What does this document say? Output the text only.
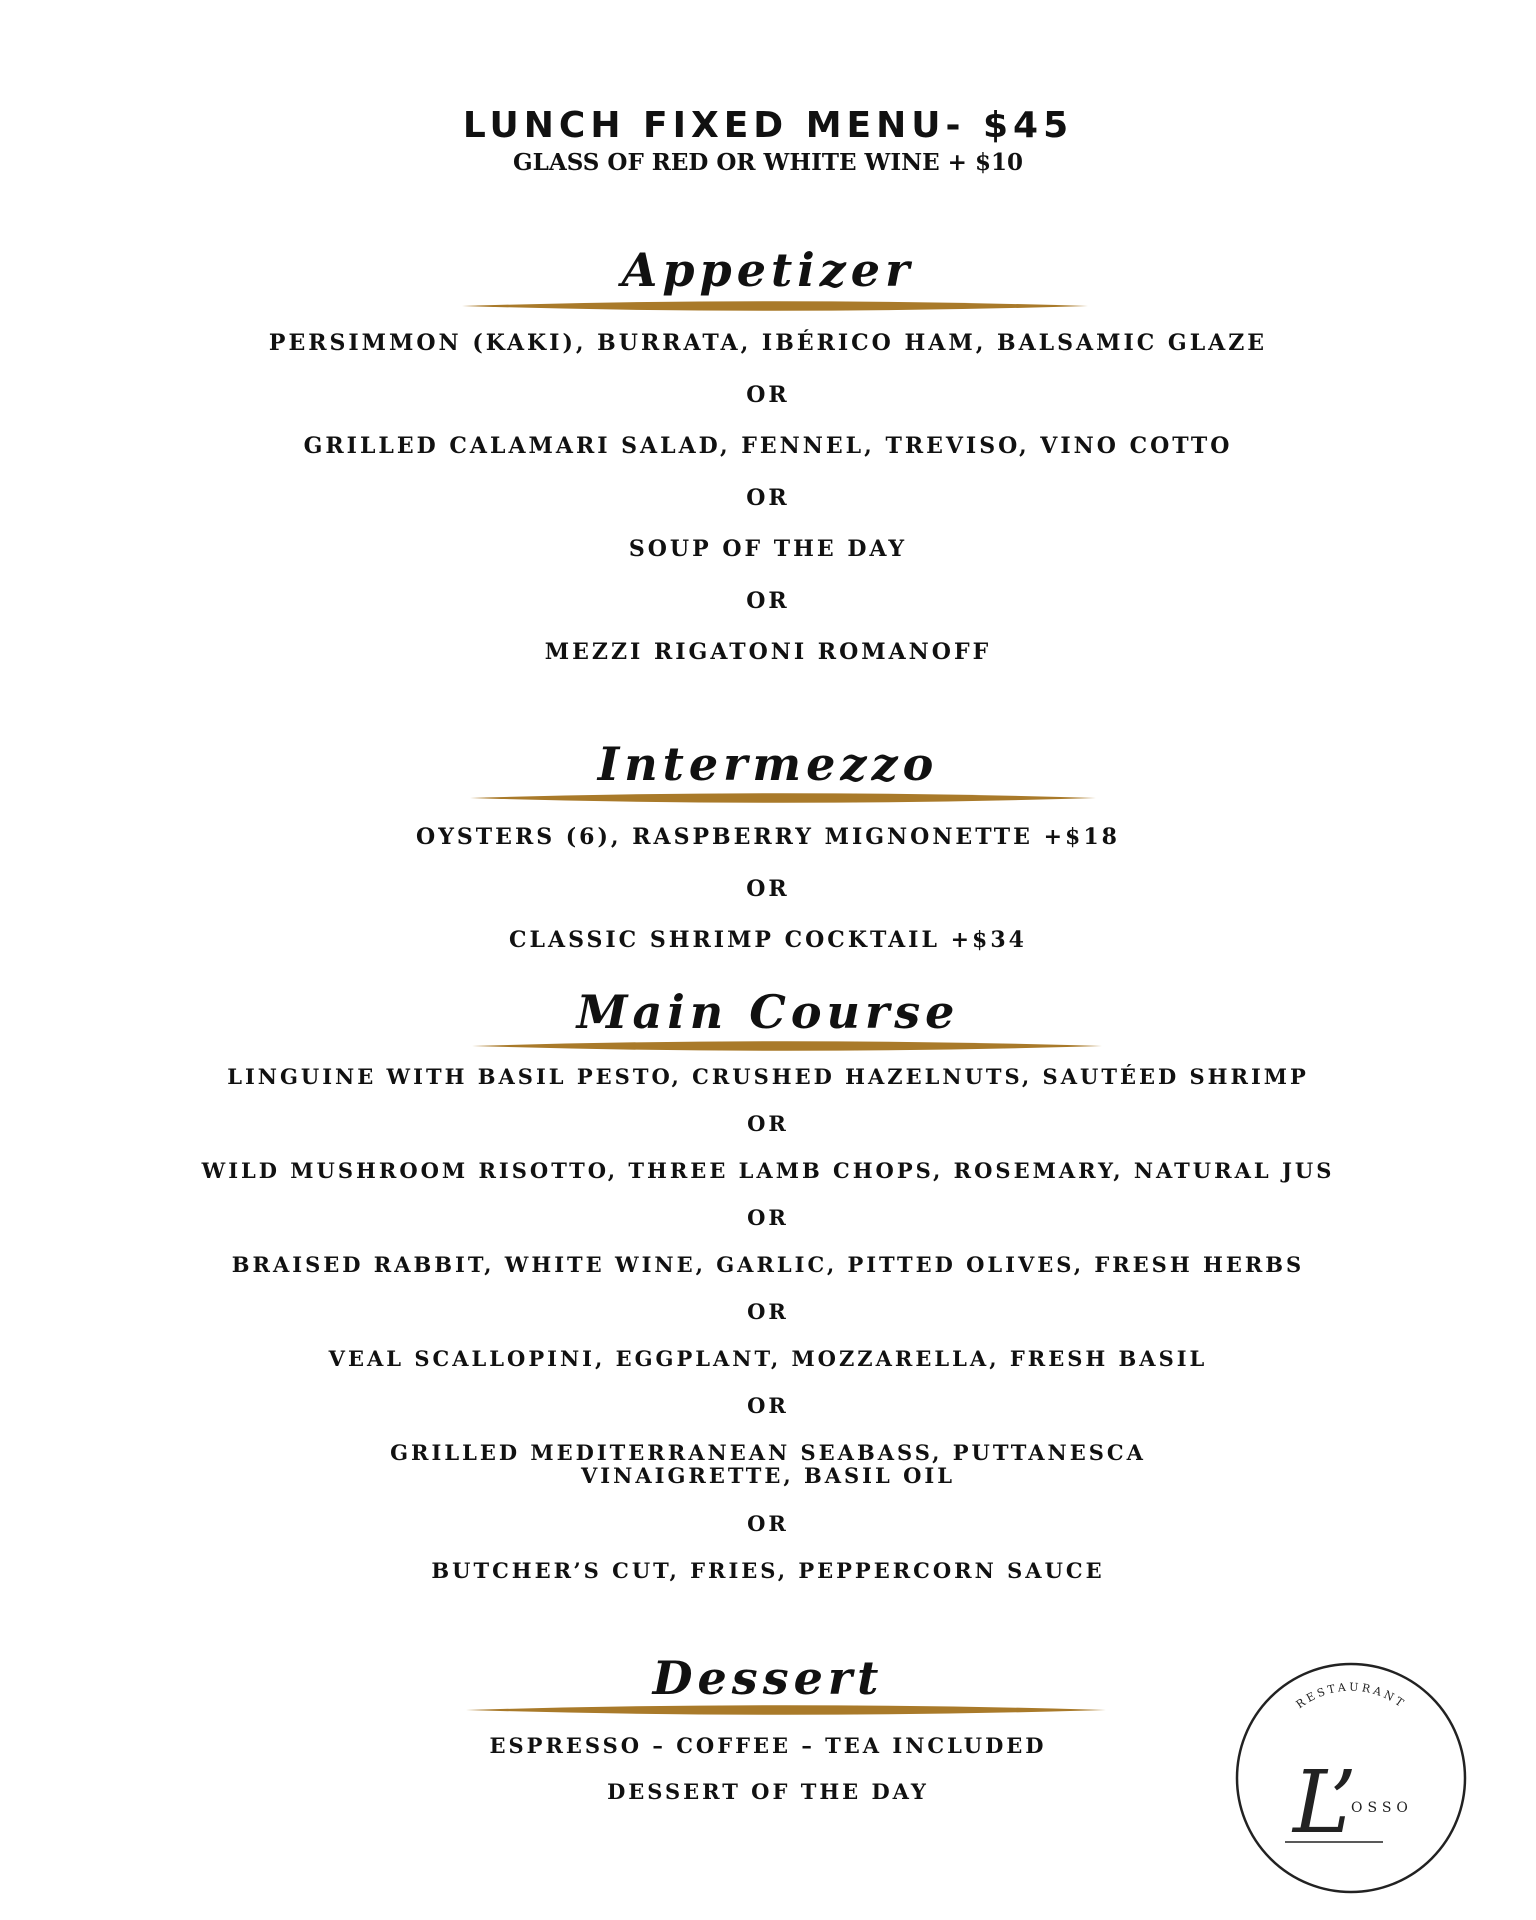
LUNCH FIXED MENU- $45
GLASS OF RED OR WHITE WINE + $10
Appetizer
PERSIMMON (KAKI), BURRATA, IBÉRICO HAM, BALSAMIC GLAZE
OR
GRILLED CALAMARI SALAD, FENNEL, TREVISO, VINO COTTO
OR
SOUP OF THE DAY
OR
MEZZI RIGATONI ROMANOFF
Intermezzo
OYSTERS (6), RASPBERRY MIGNONETTE +$18
OR
CLASSIC SHRIMP COCKTAIL +$34
Main Course
LINGUINE WITH BASIL PESTO, CRUSHED HAZELNUTS, SAUTÉED SHRIMP
OR
WILD MUSHROOM RISOTTO, THREE LAMB CHOPS, ROSEMARY, NATURAL JUS
OR
BRAISED RABBIT, WHITE WINE, GARLIC, PITTED OLIVES, FRESH HERBS
OR
VEAL SCALLOPINI, EGGPLANT, MOZZARELLA, FRESH BASIL
OR
GRILLED MEDITERRANEAN SEABASS, PUTTANESCA
VINAIGRETTE, BASIL OIL
OR
BUTCHER’S CUT, FRIES, PEPPERCORN SAUCE
Dessert
ESPRESSO – COFFEE – TEA INCLUDED
DESSERT OF THE DAY
RESTAURANT
L’
OSSO
